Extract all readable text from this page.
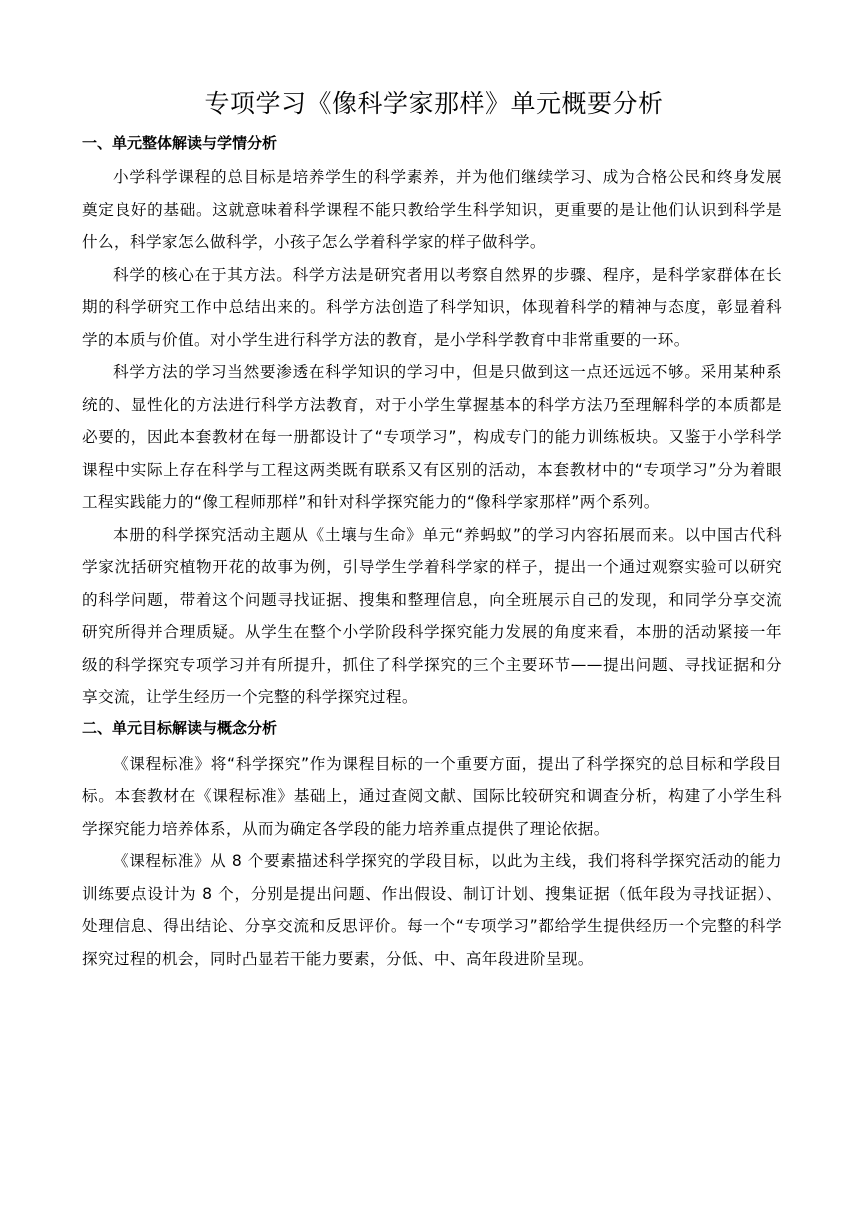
专项学习《像科学家那样》单元概要分析
一、单元整体解读与学情分析

小学科学课程的总目标是培养学生的科学素养，并为他们继续学习、成为合格公民和终身发展奠定良好的基础。这就意味着科学课程不能只教给学生科学知识，更重要的是让他们认识到科学是什么，科学家怎么做科学，小孩子怎么学着科学家的样子做科学。

科学的核心在于其方法。科学方法是研究者用以考察自然界的步骤、程序，是科学家群体在长期的科学研究工作中总结出来的。科学方法创造了科学知识，体现着科学的精神与态度，彰显着科学的本质与价值。对小学生进行科学方法的教育，是小学科学教育中非常重要的一环。

科学方法的学习当然要渗透在科学知识的学习中，但是只做到这一点还远远不够。采用某种系统的、显性化的方法进行科学方法教育，对于小学生掌握基本的科学方法乃至理解科学的本质都是必要的，因此本套教材在每一册都设计了“专项学习”，构成专门的能力训练板块。又鉴于小学科学课程中实际上存在科学与工程这两类既有联系又有区别的活动，本套教材中的“专项学习”分为着眼工程实践能力的“像工程师那样”和针对科学探究能力的“像科学家那样”两个系列。

本册的科学探究活动主题从《土壤与生命》单元“养蚂蚁”的学习内容拓展而来。以中国古代科学家沈括研究植物开花的故事为例，引导学生学着科学家的样子，提出一个通过观察实验可以研究的科学问题，带着这个问题寻找证据、搜集和整理信息，向全班展示自己的发现，和同学分享交流研究所得并合理质疑。从学生在整个小学阶段科学探究能力发展的角度来看，本册的活动紧接一年级的科学探究专项学习并有所提升，抓住了科学探究的三个主要环节——提出问题、寻找证据和分享交流，让学生经历一个完整的科学探究过程。

二、单元目标解读与概念分析

《课程标准》将“科学探究”作为课程目标的一个重要方面，提出了科学探究的总目标和学段目标。本套教材在《课程标准》基础上，通过查阅文献、国际比较研究和调查分析，构建了小学生科学探究能力培养体系，从而为确定各学段的能力培养重点提供了理论依据。

《课程标准》从 8 个要素描述科学探究的学段目标，以此为主线，我们将科学探究活动的能力训练要点设计为 8 个，分别是提出问题、作出假设、制订计划、搜集证据（低年段为寻找证据）、处理信息、得出结论、分享交流和反思评价。每一个“专项学习”都给学生提供经历一个完整的科学探究过程的机会，同时凸显若干能力要素，分低、中、高年段进阶呈现。
